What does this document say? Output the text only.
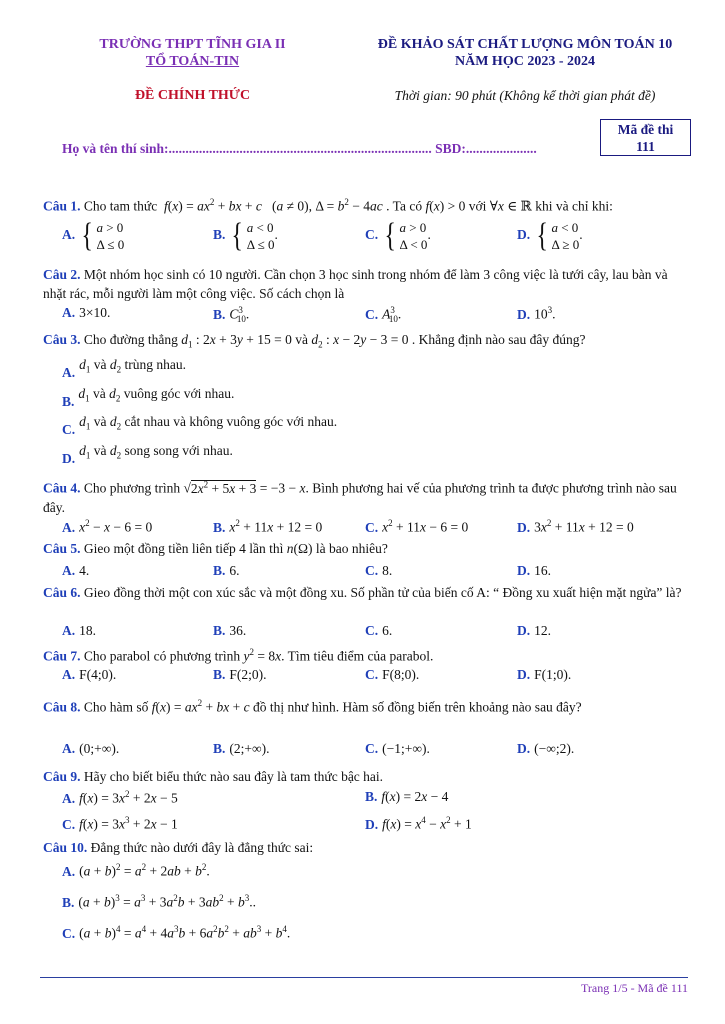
TRƯỜNG THPT TĨNH GIA II
TỔ TOÁN-TIN
ĐỀ KHẢO SÁT CHẤT LƯỢNG MÔN TOÁN 10
NĂM HỌC 2023 - 2024
ĐỀ CHÍNH THỨC	Thời gian: 90 phút (Không kể thời gian phát đề)
Họ và tên thí sinh:.............................................................................. SBD:.....................
Mã đề thi
111
Câu 1. Cho tam thức  $f(x) = ax^2$ + bx + c   (a ≠ 0), $\Delta = b^2 - 4ac$ . Ta có f(x) > 0 với ∀x ∈ ℝ khi và chỉ khi:
A. { a > 0
Δ ≤ 0
B. { a < 0
Δ ≤ 0
.	C. { a > 0
Δ < 0
.	D. { a < 0
Δ ≥ 0
.
Câu 2. Một nhóm học sinh có 10 người. Cần chọn 3 học sinh trong nhóm để làm 3 công việc là tưới cây, lau bàn và nhặt rác, mỗi người làm một công việc. Số cách chọn là
A. 3×10.	B. $C^3_{10}$.	C. $A^3_{10}$.	D. $10^3$.
Câu 3. Cho đường thẳng $d_1$ : 2x + 3y + 15 = 0 và $d_2$ : x − 2y − 3 = 0 . Khẳng định nào sau đây đúng?
$A.d_1$ và $d_2$ trùng nhau.
$B.d_1$ và $d_2$ vuông góc với nhau.
$C.d_1$ và $d_2$ cắt nhau và không vuông góc với nhau.
$D.d_1$ và $d_2$ song song với nhau.
Câu 4. Cho phương trình $√2x^2 + 5x + 3 = -3 - x$. Bình phương hai vế của phương trình ta được phương trình nào sau đây.
A. $x^2 - x - 6 = 0$	B. $x^2 + 11x + 12 = 0$	C. $x^2 + 11x - 6 = 0$	D. $3x^2 + 11x + 12 = 0$
Câu 5. Gieo một đồng tiền liên tiếp 4 lần thì n(Ω) là bao nhiêu?
A. 4.	B. 6.	C. 8.	D. 16.
Câu 6. Gieo đồng thời một con xúc sắc và một đồng xu. Số phần tử của biến cố A: “ Đồng xu xuất hiện mặt ngửa” là?
A. 18.	B. 36.	C. 6.	D. 12.
Câu 7. Cho parabol có phương trình $y^2 = 8x$. Tìm tiêu điểm của parabol.
A. F(4;0).	B. F(2;0).	C. F(8;0).	D. F(1;0).
Câu 8. Cho hàm số $f(x) = ax^2$ + bx + c đồ thị như hình. Hàm số đồng biến trên khoảng nào sau đây?
A. (0;+∞).	B. (2;+∞).	C. (−1;+∞).	D. (−∞;2).
Câu 9. Hãy cho biết biểu thức nào sau đây là tam thức bậc hai.
A. $f(x) = 3x^2 + 2x - 5$	B. f(x) = 2x − 4
C. $f(x) = 3x^3 + 2x - 1$	D. $f(x) = x^4 - x^2 + 1$
Câu 10. Đẳng thức nào dưới đây là đẳng thức sai:
A. $(a + b)^2 = a^2 + 2ab + b^2$.
B. $(a + b)^3 = a^3 + 3a^2b + 3ab^2 + b^3$..
C. $(a + b)^4 = a^4 + 4a^3b + 6a^2b^2 + ab^3 + b^4$.
Trang 1/5 - Mã đề 111
